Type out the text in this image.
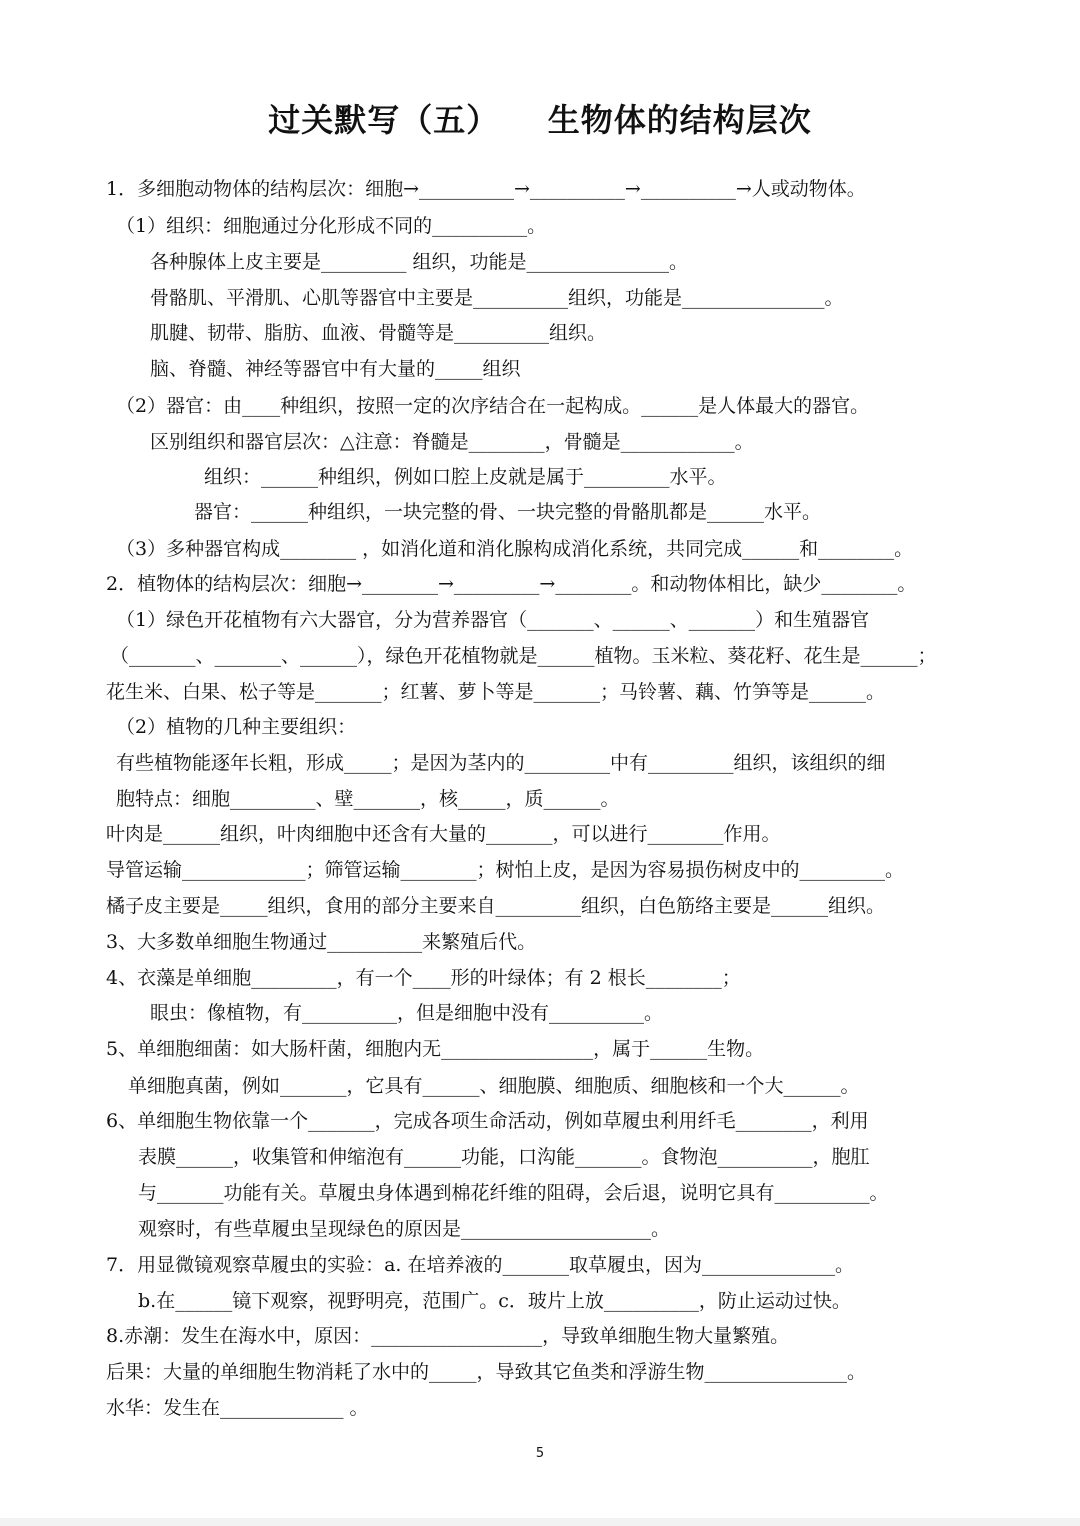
过关默写（五）    生物体的结构层次
1．多细胞动物体的结构层次：细胞→__________→__________→__________→人或动物体。
（1）组织：细胞通过分化形成不同的__________。
各种腺体上皮主要是_________ 组织，功能是_______________。
骨骼肌、平滑肌、心肌等器官中主要是__________组织，功能是_______________。
肌腱、韧带、脂肪、血液、骨髓等是__________组织。
脑、脊髓、神经等器官中有大量的_____组织
（2）器官：由____种组织，按照一定的次序结合在一起构成。______是人体最大的器官。
区别组织和器官层次：△注意：脊髓是________，骨髓是____________。
组织：______种组织，例如口腔上皮就是属于_________水平。
器官：______种组织，一块完整的骨、一块完整的骨骼肌都是______水平。
（3）多种器官构成________ ，如消化道和消化腺构成消化系统，共同完成______和________。
2．植物体的结构层次：细胞→________→_________→________。和动物体相比，缺少________。
（1）绿色开花植物有六大器官，分为营养器官（_______、______、_______）和生殖器官
（_______、_______、______），绿色开花植物就是______植物。玉米粒、葵花籽、花生是______；
花生米、白果、松子等是_______；红薯、萝卜等是_______；马铃薯、藕、竹笋等是______。
（2）植物的几种主要组织：
有些植物能逐年长粗，形成_____；是因为茎内的_________中有_________组织，该组织的细
胞特点：细胞_________、壁_______，核_____，质______。
叶肉是______组织，叶肉细胞中还含有大量的_______，可以进行________作用。
导管运输_____________；筛管运输________；树怕上皮，是因为容易损伤树皮中的_________。
橘子皮主要是_____组织，食用的部分主要来自_________组织，白色筋络主要是______组织。
3、大多数单细胞生物通过__________来繁殖后代。
4、衣藻是单细胞_________，有一个____形的叶绿体；有 2 根长________；
眼虫：像植物，有__________，但是细胞中没有__________。
5、单细胞细菌：如大肠杆菌，细胞内无________________，属于______生物。
单细胞真菌，例如_______，它具有______、细胞膜、细胞质、细胞核和一个大______。
6、单细胞生物依靠一个_______，完成各项生命活动，例如草履虫利用纤毛________，利用
表膜______，收集管和伸缩泡有______功能，口沟能_______。食物泡__________，胞肛
与_______功能有关。草履虫身体遇到棉花纤维的阻碍，会后退，说明它具有__________。
观察时，有些草履虫呈现绿色的原因是____________________。
7．用显微镜观察草履虫的实验：a. 在培养液的_______取草履虫，因为______________。
b.在______镜下观察，视野明亮，范围广。c．玻片上放__________，防止运动过快。
8.赤潮：发生在海水中，原因：__________________，导致单细胞生物大量繁殖。
后果：大量的单细胞生物消耗了水中的_____，导致其它鱼类和浮游生物_______________。
水华：发生在_____________ 。
5
